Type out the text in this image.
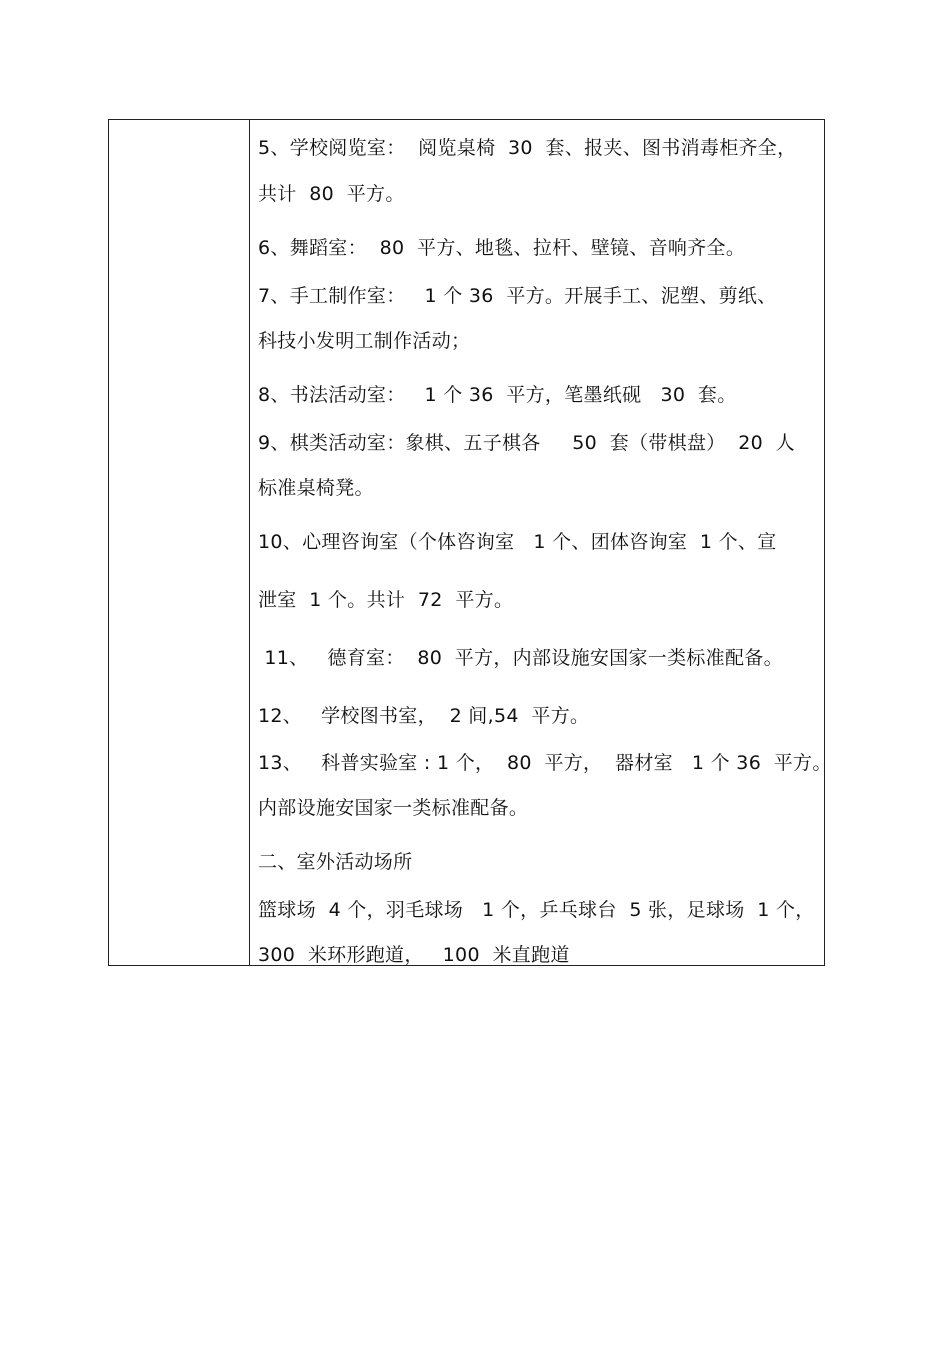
5、学校阅览室：  阅览桌椅  30  套、报夹、图书消毒柜齐全，
共计  80  平方。
6、舞蹈室：  80  平方、地毯、拉杆、壁镜、音响齐全。
7、手工制作室：   1 个 36  平方。开展手工、泥塑、剪纸、
科技小发明工制作活动；
8、书法活动室：   1 个 36  平方，笔墨纸砚   30  套。
9、棋类活动室：象棋、五子棋各     50  套（带棋盘）  20  人
标准桌椅凳。
10、心理咨询室（个体咨询室   1 个、团体咨询室  1 个、宣
泄室  1 个。共计  72  平方。
11、   德育室：  80  平方，内部设施安国家一类标准配备。
12、   学校图书室，  2 间,54  平方。
13、   科普实验室 : 1 个，  80  平方，  器材室   1 个 36  平方。
内部设施安国家一类标准配备。
二、室外活动场所
篮球场  4 个，羽毛球场   1 个，乒乓球台  5 张，足球场  1 个，
300  米环形跑道，   100  米直跑道
